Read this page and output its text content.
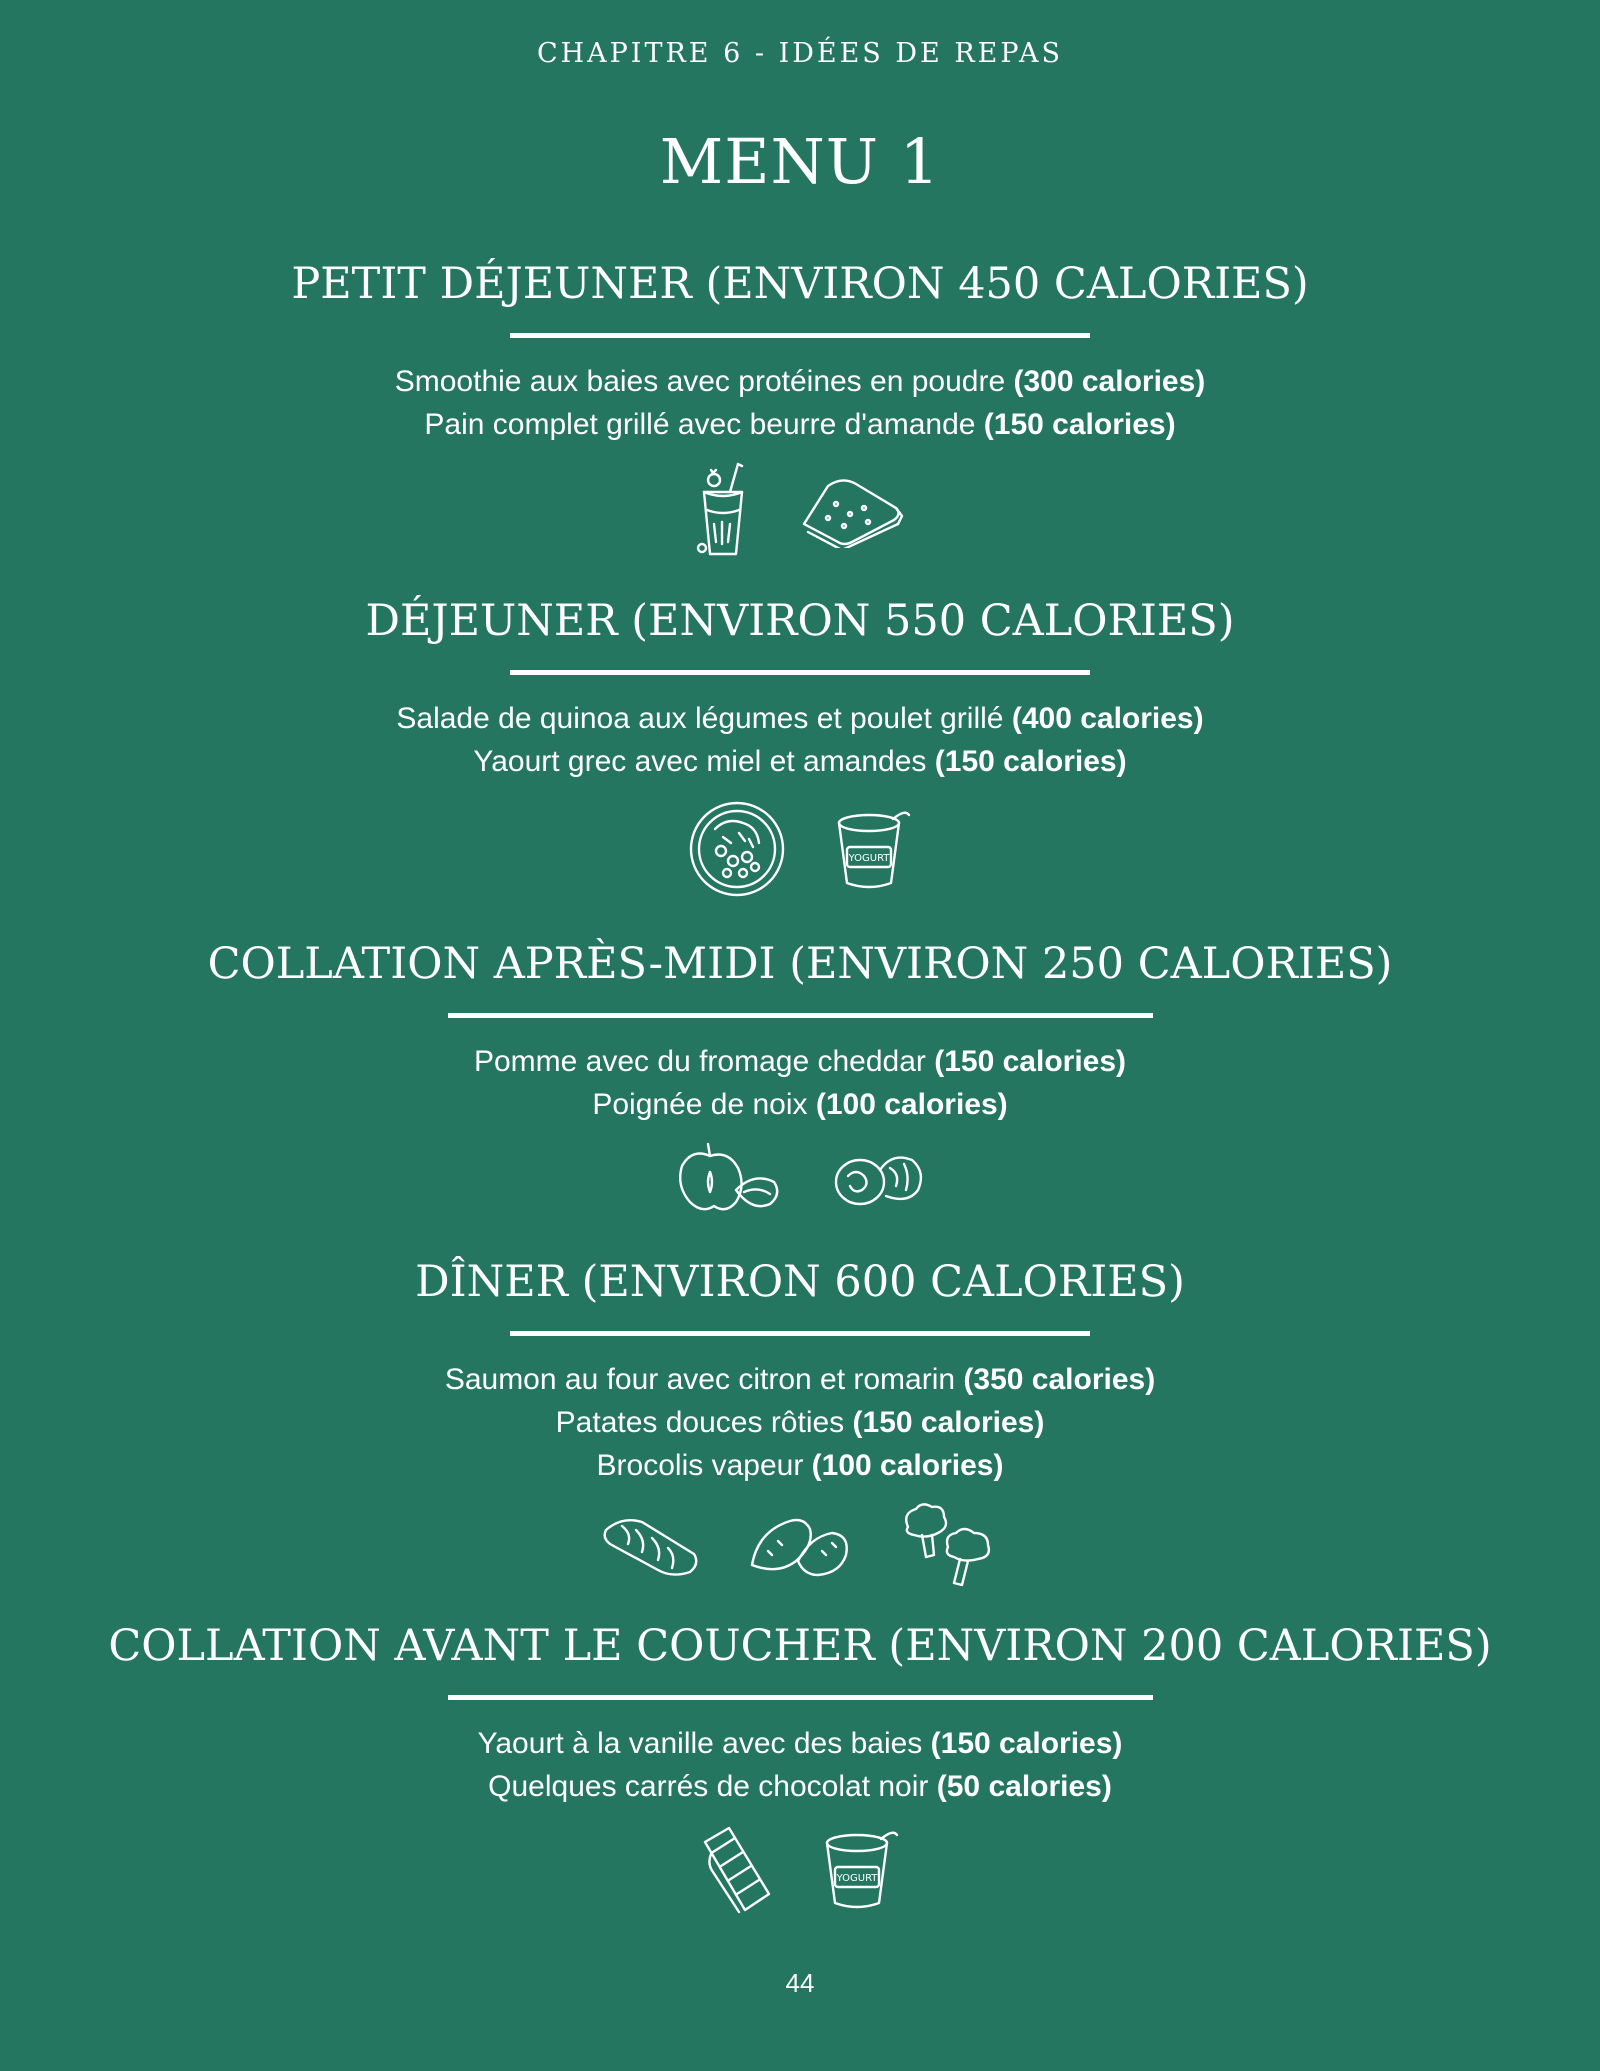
CHAPITRE 6 - IDÉES DE REPAS
MENU 1
PETIT DÉJEUNER (ENVIRON 450 CALORIES)
Smoothie aux baies avec protéines en poudre (300 calories)
Pain complet grillé avec beurre d'amande (150 calories)
DÉJEUNER (ENVIRON 550 CALORIES)
Salade de quinoa aux légumes et poulet grillé (400 calories)
Yaourt grec avec miel et amandes (150 calories)
YOGURT
COLLATION APRÈS-MIDI (ENVIRON 250 CALORIES)
Pomme avec du fromage cheddar (150 calories)
Poignée de noix (100 calories)
DÎNER (ENVIRON 600 CALORIES)
Saumon au four avec citron et romarin (350 calories)
Patates douces rôties (150 calories)
Brocolis vapeur (100 calories)
COLLATION AVANT LE COUCHER (ENVIRON 200 CALORIES)
Yaourt à la vanille avec des baies (150 calories)
Quelques carrés de chocolat noir (50 calories)
YOGURT
44
